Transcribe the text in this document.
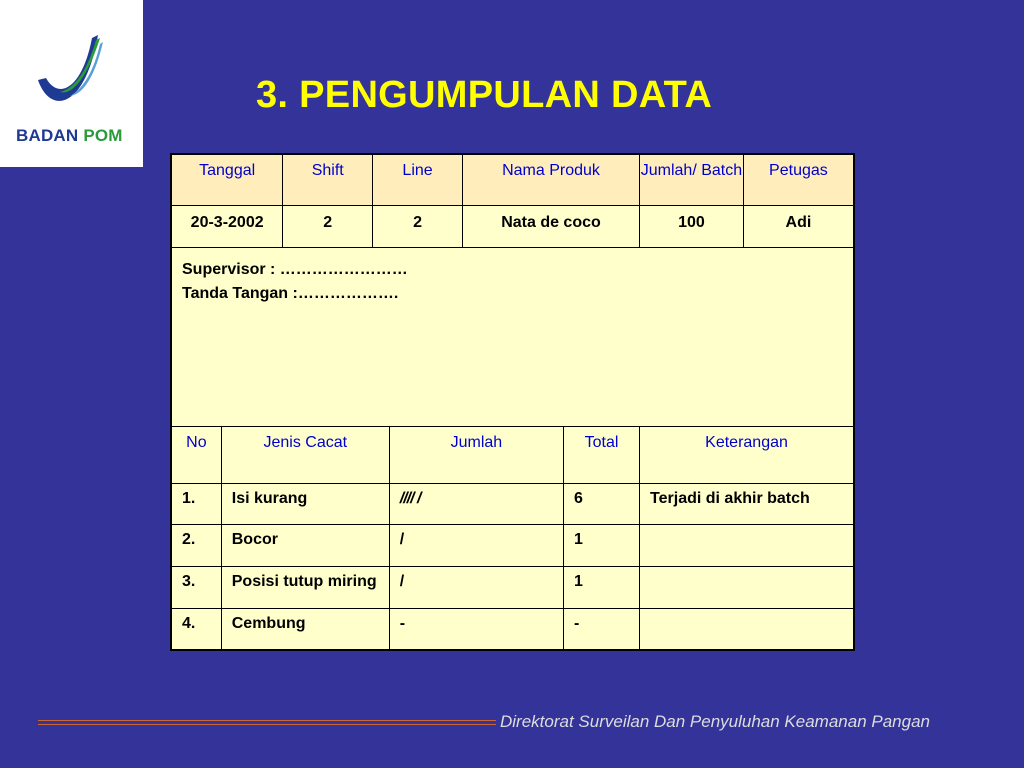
BADAN POM
3. PENGUMPULAN DATA
Tanggal		Shift	Line		Nama Produk		Jumlah/ Batch	Petugas
20-3-2002		2	2		Nata de coco		100	Adi

Supervisor : ……………………
Tanda Tangan :……………….								

No	Jenis Cacat			Jumlah		Total	Keterangan	
1.	Isi kurang			//// /		6	Terjadi di akhir batch	
2.	Bocor			/		1		
3.	Posisi tutup miring			/		1		
4.	Cembung			-		-		
Direktorat Surveilan Dan Penyuluhan Keamanan Pangan
